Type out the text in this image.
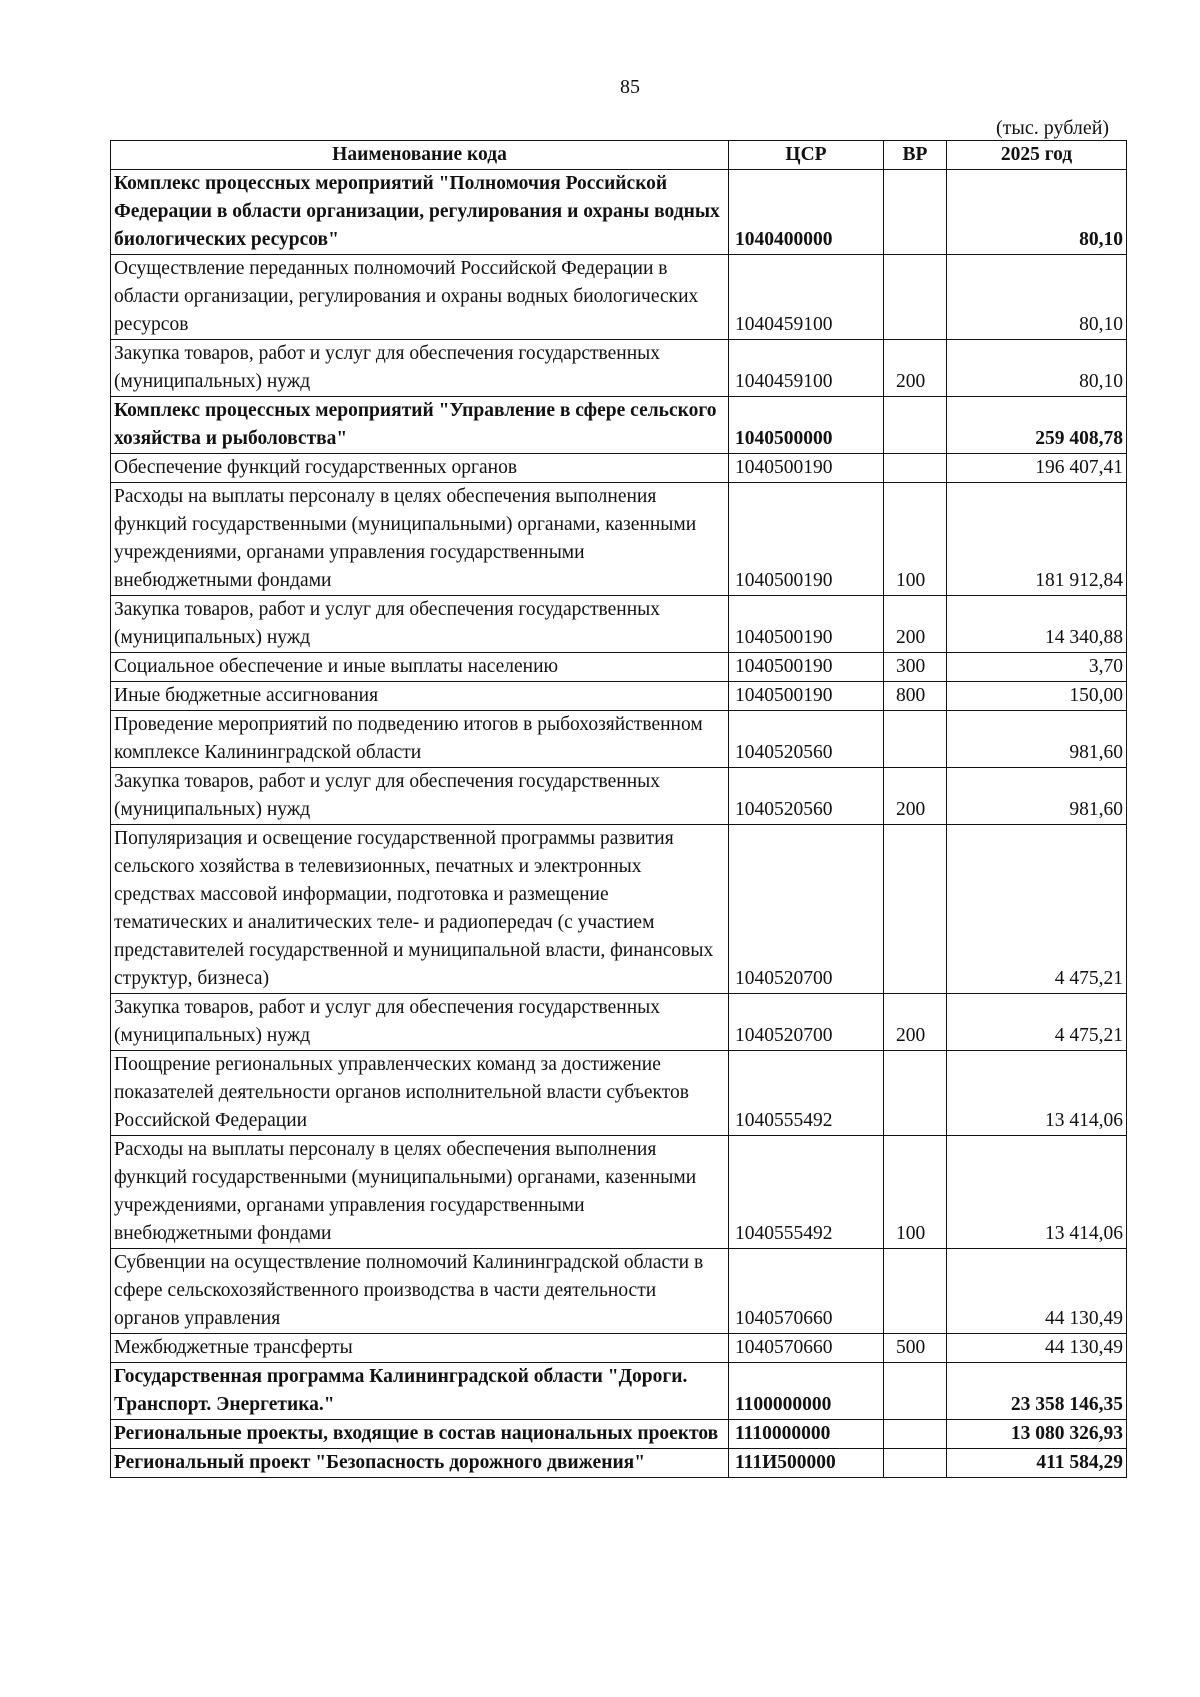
85
(тыс. рублей)
Наименование кода	ЦСР	ВР	2025 год
Комплекс процессных мероприятий "Полномочия Российской Федерации в области организации, регулирования и охраны водных биологических ресурсов"	1040400000		80,10
Осуществление переданных полномочий Российской Федерации в области организации, регулирования и охраны водных биологических ресурсов	1040459100		80,10
Закупка товаров, работ и услуг для обеспечения государственных (муниципальных) нужд	1040459100	200	80,10
Комплекс процессных мероприятий "Управление в сфере сельского хозяйства и рыболовства"	1040500000		259 408,78
Обеспечение функций государственных органов	1040500190		196 407,41
Расходы на выплаты персоналу в целях обеспечения выполнения функций государственными (муниципальными) органами, казенными учреждениями, органами управления государственными внебюджетными фондами	1040500190	100	181 912,84
Закупка товаров, работ и услуг для обеспечения государственных (муниципальных) нужд	1040500190	200	14 340,88
Социальное обеспечение и иные выплаты населению	1040500190	300	3,70
Иные бюджетные ассигнования	1040500190	800	150,00
Проведение мероприятий по подведению итогов в рыбохозяйственном комплексе Калининградской области	1040520560		981,60
Закупка товаров, работ и услуг для обеспечения государственных (муниципальных) нужд	1040520560	200	981,60
Популяризация и освещение государственной программы развития сельского хозяйства в телевизионных, печатных и электронных средствах массовой информации, подготовка и размещение тематических и аналитических теле- и радиопередач (с участием представителей государственной и муниципальной власти, финансовых структур, бизнеса)	1040520700		4 475,21
Закупка товаров, работ и услуг для обеспечения государственных (муниципальных) нужд	1040520700	200	4 475,21
Поощрение региональных управленческих команд за достижение показателей деятельности органов исполнительной власти субъектов Российской Федерации	1040555492		13 414,06
Расходы на выплаты персоналу в целях обеспечения выполнения функций государственными (муниципальными) органами, казенными учреждениями, органами управления государственными внебюджетными фондами	1040555492	100	13 414,06
Субвенции на осуществление полномочий Калининградской области в сфере сельскохозяйственного производства в части деятельности органов управления	1040570660		44 130,49
Межбюджетные трансферты	1040570660	500	44 130,49
Государственная программа Калининградской области "Дороги. Транспорт. Энергетика."	1100000000		23 358 146,35
Региональные проекты, входящие в состав национальных проектов	1110000000		13 080 326,93
Региональный проект "Безопасность дорожного движения"	111И500000		411 584,29
